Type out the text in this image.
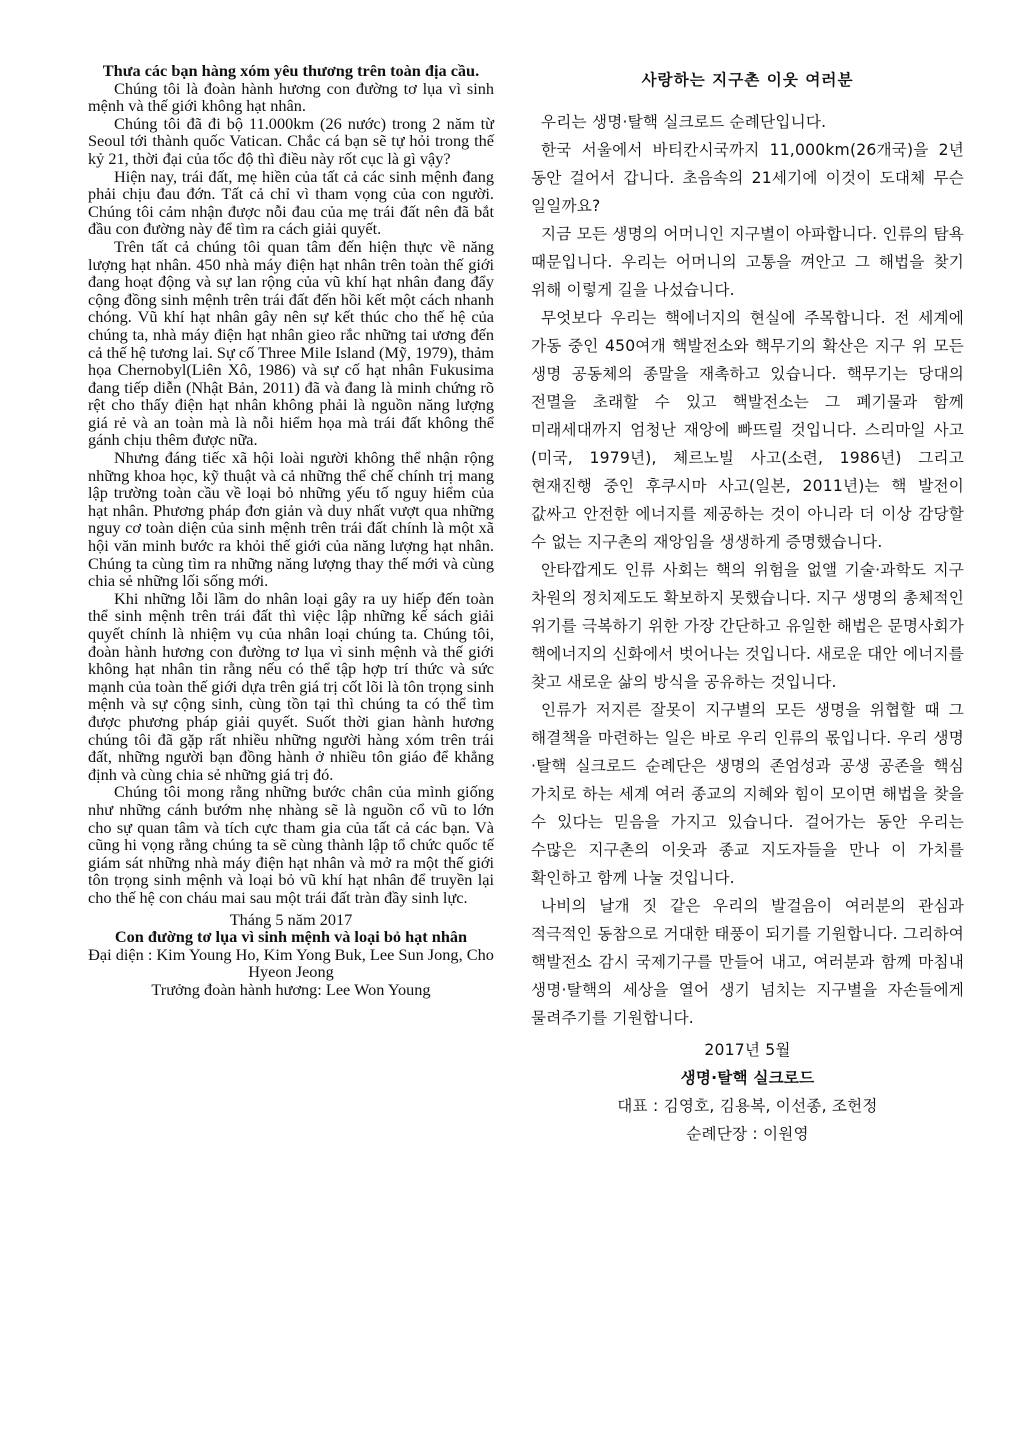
Thưa các bạn hàng xóm yêu thương trên toàn địa cầu.

Chúng tôi là đoàn hành hương con đường tơ lụa vì sinh mệnh và thế giới không hạt nhân.

Chúng tôi đã đi bộ 11.000km (26 nước) trong 2 năm từ Seoul tới thành quốc Vatican. Chắc cá bạn sẽ tự hỏi trong thế kỷ 21, thời đại của tốc độ thì điều này rốt cục là gì vậy?

Hiện nay, trái đất, mẹ hiền của tất cả các sinh mệnh đang phải chịu đau đớn. Tất cả chỉ vì tham vọng của con người. Chúng tôi cảm nhận được nỗi đau của mẹ trái đất nên đã bắt đầu con đường này để tìm ra cách giải quyết.

Trên tất cả chúng tôi quan tâm đến hiện thực về năng lượng hạt nhân. 450 nhà máy điện hạt nhân trên toàn thế giới đang hoạt động và sự lan rộng của vũ khí hạt nhân đang đẩy cộng đồng sinh mệnh trên trái đất đến hồi kết một cách nhanh chóng. Vũ khí hạt nhân gây nên sự kết thúc cho thế hệ của chúng ta, nhà máy điện hạt nhân gieo rắc những tai ương đến cả thế hệ tương lai. Sự cố Three Mile Island (Mỹ, 1979), thảm họa Chernobyl(Liên Xô, 1986) và sự cố hạt nhân Fukusima đang tiếp diễn (Nhật Bản, 2011) đã và đang là minh chứng rõ rệt cho thấy điện hạt nhân không phải là nguồn năng lượng giá rẻ và an toàn mà là nỗi hiểm họa mà trái đất không thể gánh chịu thêm được nữa.

Nhưng đáng tiếc xã hội loài người không thể nhận rộng những khoa học, kỹ thuật và cả những thể chế chính trị mang lập trường toàn cầu về loại bỏ những yếu tố nguy hiểm của hạt nhân. Phương pháp đơn giản và duy nhất vượt qua những nguy cơ toàn diện của sinh mệnh trên trái đất chính là một xã hội văn minh bước ra khỏi thế giới của năng lượng hạt nhân. Chúng ta cùng tìm ra những năng lượng thay thế mới và cùng chia sẻ những lối sống mới.

Khi những lỗi lầm do nhân loại gây ra uy hiếp đến toàn thể sinh mệnh trên trái đất thì việc lập những kế sách giải quyết chính là nhiệm vụ của nhân loại chúng ta. Chúng tôi, đoàn hành hương con đường tơ lụa vì sinh mệnh và thế giới không hạt nhân tin rằng nếu có thể tập hợp trí thức và sức mạnh của toàn thế giới dựa trên giá trị cốt lõi là tôn trọng sinh mệnh và sự cộng sinh, cùng tồn tại thì chúng ta có thể tìm được phương pháp giải quyết. Suốt thời gian hành hương chúng tôi đã gặp rất nhiều những người hàng xóm trên trái đất, những người bạn đồng hành ở nhiều tôn giáo để khẳng định và cùng chia sẻ những giá trị đó.

Chúng tôi mong rằng những bước chân của mình giống như những cánh bướm nhẹ nhàng sẽ là nguồn cổ vũ to lớn cho sự quan tâm và tích cực tham gia của tất cả các bạn. Và cũng hi vọng rằng chúng ta sẽ cùng thành lập tổ chức quốc tế giám sát những nhà máy điện hạt nhân và mở ra một thế giới tôn trọng sinh mệnh và loại bỏ vũ khí hạt nhân để truyền lại cho thế hệ con cháu mai sau một trái đất tràn đầy sinh lực.

Tháng 5 năm 2017

Con đường tơ lụa vì sinh mệnh và loại bỏ hạt nhân

Đại diện : Kim Young Ho, Kim Yong Buk, Lee Sun Jong, Cho Hyeon Jeong

Trưởng đoàn hành hương: Lee Won Young

사랑하는 지구촌 이웃 여러분

우리는 생명·탈핵 실크로드 순례단입니다.

한국 서울에서 바티칸시국까지 11,000km(26개국)을 2년 동안 걸어서 갑니다. 초음속의 21세기에 이것이 도대체 무슨 일일까요?

지금 모든 생명의 어머니인 지구별이 아파합니다. 인류의 탐욕 때문입니다. 우리는 어머니의 고통을 껴안고 그 해법을 찾기 위해 이렇게 길을 나섰습니다.

무엇보다 우리는 핵에너지의 현실에 주목합니다. 전 세계에 가동 중인 450여개 핵발전소와 핵무기의 확산은 지구 위 모든 생명 공동체의 종말을 재촉하고 있습니다. 핵무기는 당대의 전멸을 초래할 수 있고 핵발전소는 그 폐기물과 함께 미래세대까지 엄청난 재앙에 빠뜨릴 것입니다. 스리마일 사고(미국, 1979년), 체르노빌 사고(소련, 1986년) 그리고 현재진행 중인 후쿠시마 사고(일본, 2011년)는 핵 발전이 값싸고 안전한 에너지를 제공하는 것이 아니라 더 이상 감당할 수 없는 지구촌의 재앙임을 생생하게 증명했습니다.

안타깝게도 인류 사회는 핵의 위험을 없앨 기술·과학도 지구 차원의 정치제도도 확보하지 못했습니다. 지구 생명의 총체적인 위기를 극복하기 위한 가장 간단하고 유일한 해법은 문명사회가 핵에너지의 신화에서 벗어나는 것입니다. 새로운 대안 에너지를 찾고 새로운 삶의 방식을 공유하는 것입니다.

인류가 저지른 잘못이 지구별의 모든 생명을 위협할 때 그 해결책을 마련하는 일은 바로 우리 인류의 몫입니다. 우리 생명·탈핵 실크로드 순례단은 생명의 존엄성과 공생 공존을 핵심 가치로 하는 세계 여러 종교의 지혜와 힘이 모이면 해법을 찾을 수 있다는 믿음을 가지고 있습니다. 걸어가는 동안 우리는 수많은 지구촌의 이웃과 종교 지도자들을 만나 이 가치를 확인하고 함께 나눌 것입니다.

나비의 날개 짓 같은 우리의 발걸음이 여러분의 관심과 적극적인 동참으로 거대한 태풍이 되기를 기원합니다. 그리하여 핵발전소 감시 국제기구를 만들어 내고, 여러분과 함께 마침내 생명·탈핵의 세상을 열어 생기 넘치는 지구별을 자손들에게 물려주기를 기원합니다.

2017년 5월

생명·탈핵 실크로드

대표 : 김영호, 김용복, 이선종, 조헌정

순례단장 : 이원영
